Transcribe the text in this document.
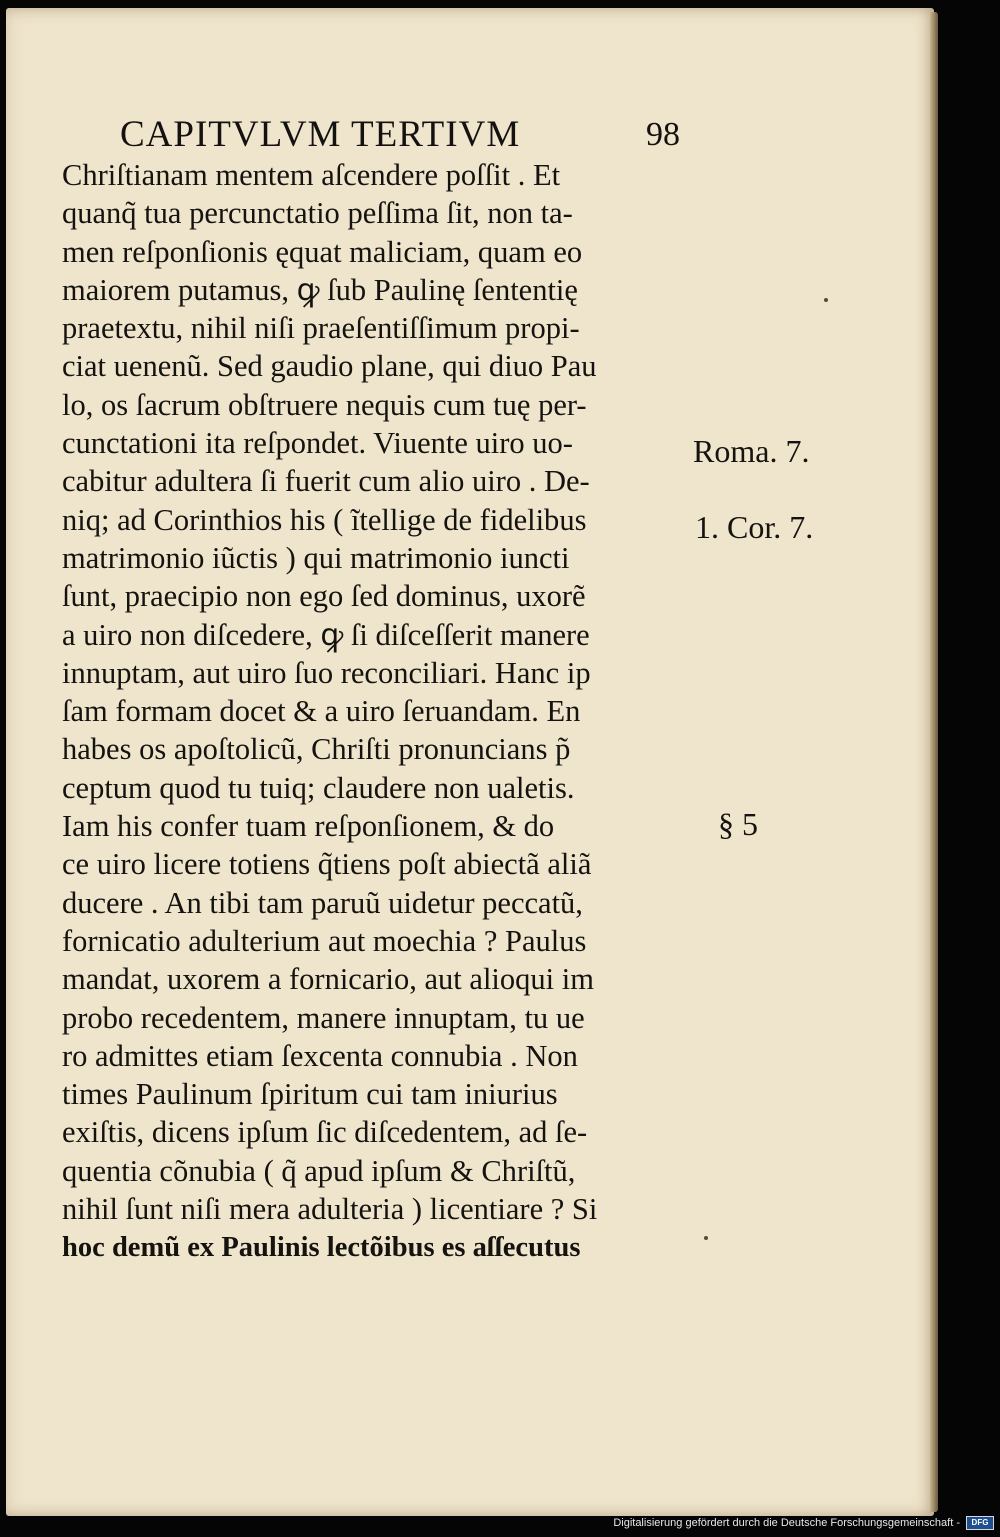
CAPITVLVM TERTIVM	98
Chriſtianam mentem aſcendere poſſit . Et
quanq̃ tua percunctatio peſſima ſit, non ta-
men reſponſionis ęquat maliciam, quam eo
maiorem putamus, ꝙ ſub Paulinę ſententię
praetextu, nihil niſi praeſentiſſimum propi-
ciat uenenũ. Sed gaudio plane, qui diuo Pau
lo, os ſacrum obſtruere nequis cum tuę per-
cunctationi ita reſpondet. Viuente uiro uo-
cabitur adultera ſi fuerit cum alio uiro . De-
niq; ad Corinthios his ( ĩtellige de fidelibus
matrimonio iũctis ) qui matrimonio iuncti
ſunt, praecipio non ego ſed dominus, uxorẽ
a uiro non diſcedere, ꝙ ſi diſceſſerit manere
innuptam, aut uiro ſuo reconciliari. Hanc ip
ſam formam docet & a uiro ſeruandam. En
habes os apoſtolicũ, Chriſti pronuncians p̃
ceptum quod tu tuiq; claudere non ualetis.
Iam his confer tuam reſponſionem, & do
ce uiro licere totiens q̃tiens poſt abiectã aliã
ducere . An tibi tam paruũ uidetur peccatũ,
fornicatio adulterium aut moechia ? Paulus
mandat, uxorem a fornicario, aut alioqui im
probo recedentem, manere innuptam, tu ue
ro admittes etiam ſexcenta connubia . Non
times Paulinum ſpiritum cui tam iniurius
exiſtis, dicens ipſum ſic diſcedentem, ad ſe-
quentia cõnubia ( q̃ apud ipſum & Chriſtũ,
nihil ſunt niſi mera adulteria ) licentiare ? Si
hoc demũ ex Paulinis lectõibus es aſſecutus
Roma. 7.
1. Cor. 7.
§ 5
Digitalisierung gefördert durch die Deutsche Forschungsgemeinschaft - DFG
